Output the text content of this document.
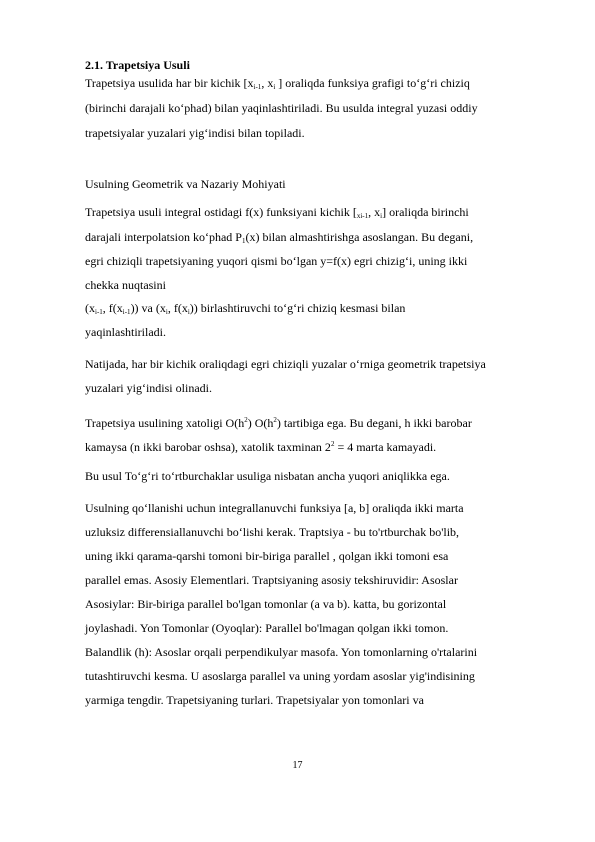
2.1. Trapetsiya Usuli
Trapetsiya usulida har bir kichik [$x_{i-1}$, $x_i$ ] oraliqda funksiya grafigi toʻgʻri chiziq
(birinchi darajali koʻphad) bilan yaqinlashtiriladi. Bu usulda integral yuzasi oddiy
trapetsiyalar yuzalari yigʻindisi bilan topiladi.
Usulning Geometrik va Nazariy Mohiyati
Trapetsiya usuli integral ostidagi f(x) funksiyani kichik [$_{xi-1}$, $x_i$] oraliqda birinchi
darajali interpolatsion koʻphad $P_1(x)$ bilan almashtirishga asoslangan. Bu degani,
egri chiziqli trapetsiyaning yuqori qismi boʻlgan y=f(x) egri chizigʻi, uning ikki
chekka nuqtasini
($x_{i-1}$, $f(x_{i-1})$) va ($x_i$, $f(x_i)$) birlashtiruvchi toʻgʻri chiziq kesmasi bilan
yaqinlashtiriladi.
Natijada, har bir kichik oraliqdagi egri chiziqli yuzalar oʻrniga geometrik trapetsiya
yuzalari yigʻindisi olinadi.
Trapetsiya usulining xatoligi $O(h^2)$ $O(h^2)$ tartibiga ega. Bu degani, h ikki barobar
kamaysa (n ikki barobar oshsa), xatolik taxminan $2^2 = 4$ marta kamayadi.
Bu usul Toʻgʻri toʻrtburchaklar usuliga nisbatan ancha yuqori aniqlikka ega.
Usulning qoʻllanishi uchun integrallanuvchi funksiya [a, b] oraliqda ikki marta
uzluksiz differensiallanuvchi boʻlishi kerak. Traptsiya - bu to'rtburchak bo'lib,
uning ikki qarama-qarshi tomoni bir-biriga parallel , qolgan ikki tomoni esa
parallel emas. Asosiy Elementlari. Traptsiyaning asosiy tekshiruvidir: Asoslar
Asosiylar: Bir-biriga parallel bo'lgan tomonlar (a va b). katta, bu gorizontal
joylashadi. Yon Tomonlar (Oyoqlar): Parallel bo'lmagan qolgan ikki tomon.
Balandlik (h): Asoslar orqali perpendikulyar masofa. Yon tomonlarning o'rtalarini
tutashtiruvchi kesma. U asoslarga parallel va uning yordam asoslar yig'indisining
yarmiga tengdir. Trapetsiyaning turlari. Trapetsiyalar yon tomonlari va
17
